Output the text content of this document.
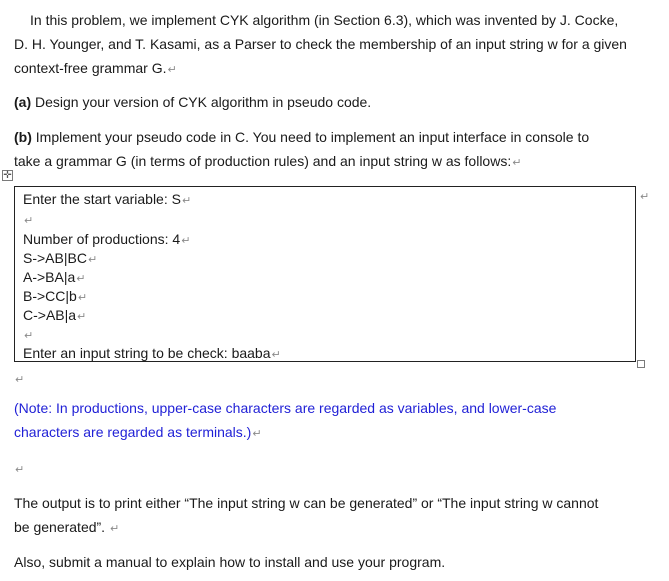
In this problem, we implement CYK algorithm (in Section 6.3), which was invented by J. Cocke,
D. H. Younger, and T. Kasami, as a Parser to check the membership of an input string w for a given
context-free grammar G.↵
(a) Design your version of CYK algorithm in pseudo code.
(b) Implement your pseudo code in C. You need to implement an input interface in console to
take a grammar G (in terms of production rules) and an input string w as follows:↵
✛
Enter the start variable: S↵
↵
Number of productions: 4↵
S->AB|BC↵
A->BA|a↵
B->CC|b↵
C->AB|a↵
↵
Enter an input string to be check: baaba↵
↵
↵
(Note: In productions, upper-case characters are regarded as variables, and lower-case
characters are regarded as terminals.)↵
↵
The output is to print either “The input string w can be generated” or “The input string w cannot
be generated”. ↵
Also, submit a manual to explain how to install and use your program.
